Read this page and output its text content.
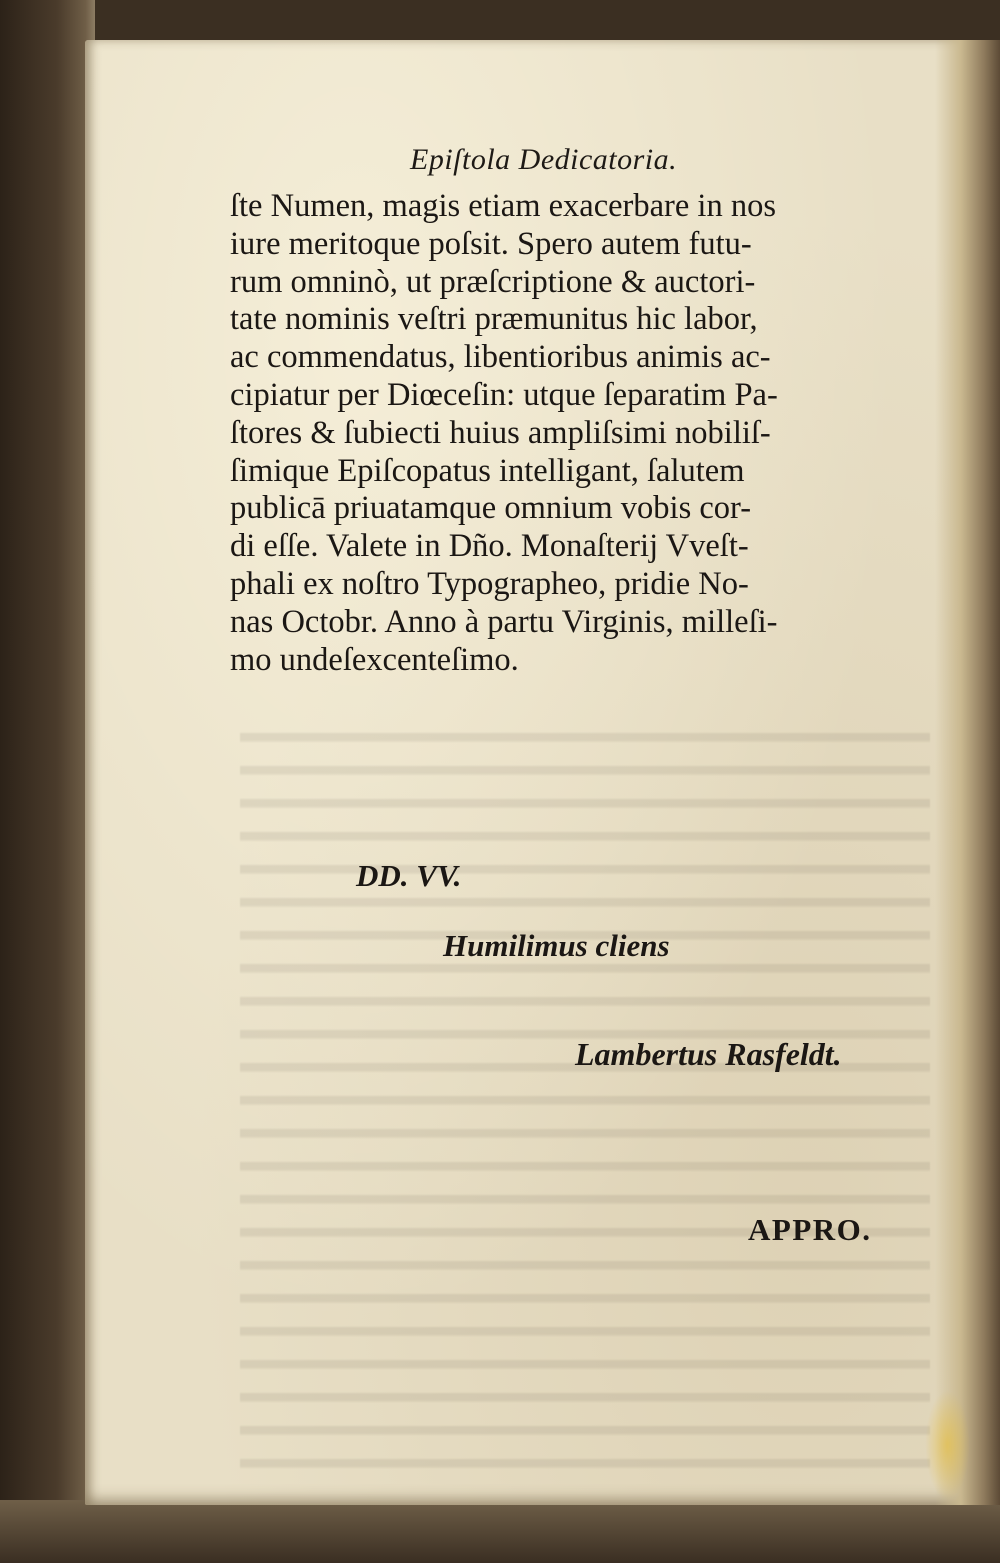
Epiſtola Dedicatoria.
ſte Numen, magis etiam exacerbare in nos
iure meritoque poſsit. Spero autem futu-
rum omninò, ut præſcriptione & auctori-
tate nominis veſtri præmunitus hic labor,
ac commendatus, libentioribus animis ac-
cipiatur per Diœceſin: utque ſeparatim Pa-
ſtores & ſubiecti huius ampliſsimi nobiliſ-
ſimique Epiſcopatus intelligant, ſalutem
publicā priuatamque omnium vobis cor-
di eſſe. Valete in Dño. Monaſterij Vveſt-
phali ex noſtro Typographeo, pridie No-
nas Octobr. Anno à partu Virginis, milleſi-
mo undeſexcenteſimo.
DD. VV.
Humilimus cliens
Lambertus Rasfeldt.
APPRO.
